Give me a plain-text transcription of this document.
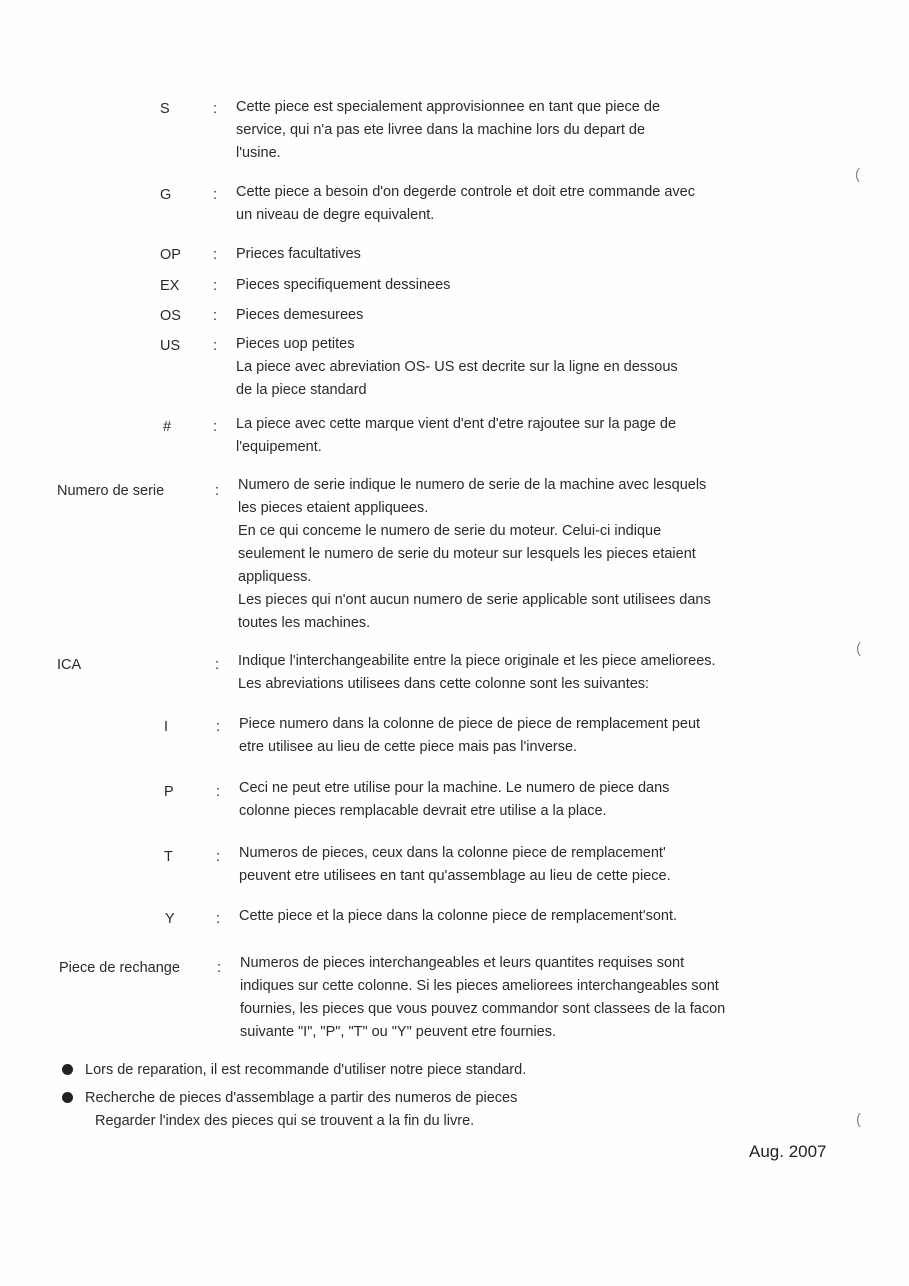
S	: Cette piece est specialement approvisionnee en tant que piece de
service, qui n'a pas ete livree dans la machine lors du depart de
l'usine.
G	: Cette piece a besoin d'on degerde controle et doit etre commande avec
un niveau de degre equivalent.
OP : Prieces facultatives
EX : Pieces specifiquement dessinees
OS : Pieces demesurees
US : Pieces uop petites
La piece avec abreviation OS- US est decrite sur la ligne en dessous
de la piece standard
#	: La piece avec cette marque vient d'ent d'etre rajoutee sur la page de
l'equipement.
Numero de serie	: Numero de serie indique le numero de serie de la machine avec lesquels
les pieces etaient appliquees.
En ce qui conceme le numero de serie du moteur. Celui-ci indique
seulement le numero de serie du moteur sur lesquels les pieces etaient
appliquess.
Les pieces qui n'ont aucun numero de serie applicable sont utilisees dans
toutes les machines.
ICA	: Indique l'interchangeabilite entre la piece originale et les piece ameliorees.
Les abreviations utilisees dans cette colonne sont les suivantes:
I	: Piece numero dans la colonne de piece de piece de remplacement peut
etre utilisee au lieu de cette piece mais pas l'inverse.
P	: Ceci ne peut etre utilise pour la machine. Le numero de piece dans
colonne pieces remplacable devrait etre utilise a la place.
T	: Numeros de pieces, ceux dans la colonne piece de remplacement'
peuvent etre utilisees en tant qu'assemblage au lieu de cette piece.
Y	: Cette piece et la piece dans la colonne piece de remplacement'sont.
Piece de rechange	: Numeros de pieces interchangeables et leurs quantites requises sont
indiques sur cette colonne. Si les pieces ameliorees interchangeables sont
fournies, les pieces que vous pouvez commandor sont classees de la facon
suivante "I", "P", "T" ou "Y" peuvent etre fournies.
Lors de reparation, il est recommande d'utiliser notre piece standard.
Recherche de pieces d'assemblage a partir des numeros de pieces
Regarder l'index des pieces qui se trouvent a la fin du livre.
Aug. 2007
(
(
(
